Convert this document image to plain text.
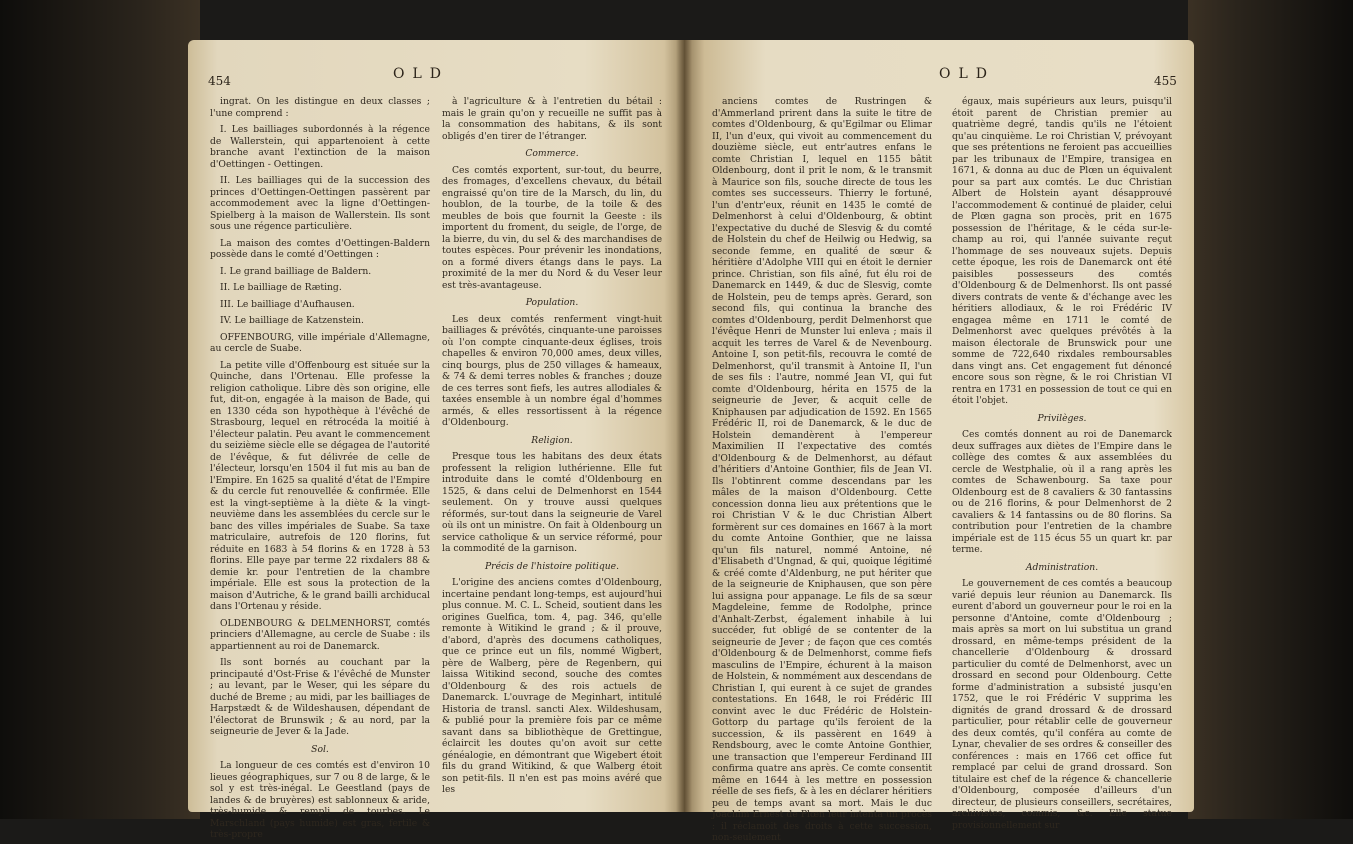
454	OLD

ingrat. On les distingue en deux classes ; l'une comprend :

I. Les bailliages subordonnés à la régence de Wallerstein, qui appartenoient à cette branche avant l'extinction de la maison d'Oettingen - Oettingen.

II. Les bailliages qui de la succession des princes d'Oettingen-Oettingen passèrent par accommodement avec la ligne d'Oettingen-Spielberg à la maison de Wallerstein. Ils sont sous une régence particulière.

La maison des comtes d'Oettingen-Baldern possède dans le comté d'Oettingen :

I. Le grand bailliage de Baldern.

II. Le bailliage de Ræting.

III. Le bailliage d'Aufhausen.

IV. Le bailliage de Katzenstein.

OFFENBOURG, ville impériale d'Allemagne, au cercle de Suabe.

La petite ville d'Offenbourg est située sur la Quinche, dans l'Ortenau. Elle professe la religion catholique. Libre dès son origine, elle fut, dit-on, engagée à la maison de Bade, qui en 1330 céda son hypothèque à l'évêché de Strasbourg, lequel en rétrocéda la moitié à l'électeur palatin. Peu avant le commencement du seizième siècle elle se dégagea de l'autorité de l'évêque, & fut délivrée de celle de l'électeur, lorsqu'en 1504 il fut mis au ban de l'Empire. En 1625 sa qualité d'état de l'Empire & du cercle fut renouvellée & confirmée. Elle est la vingt-septième à la diète & la vingt-neuvième dans les assemblées du cercle sur le banc des villes impériales de Suabe. Sa taxe matriculaire, autrefois de 120 florins, fut réduite en 1683 à 54 florins & en 1728 à 53 florins. Elle paye par terme 22 rixdalers 88 & demie kr. pour l'entretien de la chambre impériale. Elle est sous la protection de la maison d'Autriche, & le grand bailli archiducal dans l'Ortenau y réside.

OLDENBOURG & DELMENHORST, comtés princiers d'Allemagne, au cercle de Suabe : ils appartiennent au roi de Danemarck.

Ils sont bornés au couchant par la principauté d'Ost-Frise & l'évêché de Munster ; au levant, par le Weser, qui les sépare du duché de Breme ; au midi, par les bailliages de Harpstædt & de Wildeshausen, dépendant de l'électorat de Brunswik ; & au nord, par la seigneurie de Jever & la Jade.

Sol.

La longueur de ces comtés est d'environ 10 lieues géographiques, sur 7 ou 8 de large, & le sol y est très-inégal. Le Geestland (pays de landes & de bruyères) est sablonneux & aride, très-humide & rempli de tourbes. Le Marschland (pays humide) est gras, fertile & très-propre

à l'agriculture & à l'entretien du bétail : mais le grain qu'on y recueille ne suffit pas à la consommation des habitans, & ils sont obligés d'en tirer de l'étranger.

Commerce.

Ces comtés exportent, sur-tout, du beurre, des fromages, d'excellens chevaux, du bétail engraissé qu'on tire de la Marsch, du lin, du houblon, de la tourbe, de la toile & des meubles de bois que fournit la Geeste : ils importent du froment, du seigle, de l'orge, de la bierre, du vin, du sel & des marchandises de toutes espèces. Pour prévenir les inondations, on a formé divers étangs dans le pays. La proximité de la mer du Nord & du Veser leur est très-avantageuse.

Population.

Les deux comtés renferment vingt-huit bailliages & prévôtés, cinquante-une paroisses où l'on compte cinquante-deux églises, trois chapelles & environ 70,000 ames, deux villes, cinq bourgs, plus de 250 villages & hameaux, & 74 & demi terres nobles & franches ; douze de ces terres sont fiefs, les autres allodiales & taxées ensemble à un nombre égal d'hommes armés, & elles ressortissent à la régence d'Oldenbourg.

Religion.

Presque tous les habitans des deux états professent la religion luthérienne. Elle fut introduite dans le comté d'Oldenbourg en 1525, & dans celui de Delmenhorst en 1544 seulement. On y trouve aussi quelques réformés, sur-tout dans la seigneurie de Varel où ils ont un ministre. On fait à Oldenbourg un service catholique & un service réformé, pour la commodité de la garnison.

Précis de l'histoire politique.

L'origine des anciens comtes d'Oldenbourg, incertaine pendant long-temps, est aujourd'hui plus connue. M. C. L. Scheid, soutient dans les origines Guelfica, tom. 4, pag. 346, qu'elle remonte à Witikind le grand ; & il prouve, d'abord, d'après des documens catholiques, que ce prince eut un fils, nommé Wigbert, père de Walberg, père de Regenbern, qui laissa Witikind second, souche des comtes d'Oldenbourg & des rois actuels de Danemarck. L'ouvrage de Meginhart, intitulé Historia de transl. sancti Alex. Wildeshusam, & publié pour la première fois par ce même savant dans sa bibliothèque de Grettingue, éclaircit les doutes qu'on avoit sur cette généalogie, en démontrant que Wigebert étoit fils du grand Witikind, & que Walberg étoit son petit-fils. Il n'en est pas moins avéré que les

OLD	455

anciens comtes de Rustringen & d'Ammerland prirent dans la suite le titre de comtes d'Oldenbourg, & qu'Egilmar ou Elimar II, l'un d'eux, qui vivoit au commencement du douzième siècle, eut entr'autres enfans le comte Christian I, lequel en 1155 bâtit Oldenbourg, dont il prit le nom, & le transmit à Maurice son fils, souche directe de tous les comtes ses successeurs. Thierry le fortuné, l'un d'entr'eux, réunit en 1435 le comté de Delmenhorst à celui d'Oldenbourg, & obtint l'expectative du duché de Slesvig & du comté de Holstein du chef de Heilwig ou Hedwig, sa seconde femme, en qualité de sœur & héritière d'Adolphe VIII qui en étoit le dernier prince. Christian, son fils aîné, fut élu roi de Danemarck en 1449, & duc de Slesvig, comte de Holstein, peu de temps après. Gerard, son second fils, qui continua la branche des comtes d'Oldenbourg, perdit Delmenhorst que l'évêque Henri de Munster lui enleva ; mais il acquit les terres de Varel & de Nevenbourg. Antoine I, son petit-fils, recouvra le comté de Delmenhorst, qu'il transmit à Antoine II, l'un de ses fils : l'autre, nommé Jean VI, qui fut comte d'Oldenbourg, hérita en 1575 de la seigneurie de Jever, & acquit celle de Kniphausen par adjudication de 1592. En 1565 Frédéric II, roi de Danemarck, & le duc de Holstein demandèrent à l'empereur Maximilien II l'expectative des comtés d'Oldenbourg & de Delmenhorst, au défaut d'héritiers d'Antoine Gonthier, fils de Jean VI. Ils l'obtinrent comme descendans par les mâles de la maison d'Oldenbourg. Cette concession donna lieu aux prétentions que le roi Christian V & le duc Christian Albert formèrent sur ces domaines en 1667 à la mort du comte Antoine Gonthier, que ne laissa qu'un fils naturel, nommé Antoine, né d'Elisabeth d'Ungnad, & qui, quoique légitimé & créé comte d'Aldenburg, ne put hériter que de la seigneurie de Kniphausen, que son père lui assigna pour appanage. Le fils de sa sœur Magdeleine, femme de Rodolphe, prince d'Anhalt-Zerbst, également inhabile à lui succéder, fut obligé de se contenter de la seigneurie de Jever ; de façon que ces comtés d'Oldenbourg & de Delmenhorst, comme fiefs masculins de l'Empire, échurent à la maison de Holstein, & nommément aux descendans de Christian I, qui eurent à ce sujet de grandes contestations. En 1648, le roi Frédéric III convint avec le duc Frédéric de Holstein-Gottorp du partage qu'ils feroient de la succession, & ils passèrent en 1649 à Rendsbourg, avec le comte Antoine Gonthier, une transaction que l'empereur Ferdinand III confirma quatre ans après. Ce comte consentit même en 1644 à les mettre en possession réelle de ses fiefs, & à les en déclarer héritiers peu de temps avant sa mort. Mais le duc Joachim Ernest de Plœn leur intenta un procès : il réclamoit des droits à cette succession, non-seulement

égaux, mais supérieurs aux leurs, puisqu'il étoit parent de Christian premier au quatrième degré, tandis qu'ils ne l'étoient qu'au cinquième. Le roi Christian V, prévoyant que ses prétentions ne feroient pas accueillies par les tribunaux de l'Empire, transigea en 1671, & donna au duc de Plœn un équivalent pour sa part aux comtés. Le duc Christian Albert de Holstein ayant désapprouvé l'accommodement & continué de plaider, celui de Plœn gagna son procès, prit en 1675 possession de l'héritage, & le céda sur-le-champ au roi, qui l'année suivante reçut l'hommage de ses nouveaux sujets. Depuis cette époque, les rois de Danemarck ont été paisibles possesseurs des comtés d'Oldenbourg & de Delmenhorst. Ils ont passé divers contrats de vente & d'échange avec les héritiers allodiaux, & le roi Frédéric IV engagea même en 1711 le comté de Delmenhorst avec quelques prévôtés à la maison électorale de Brunswick pour une somme de 722,640 rixdales remboursables dans vingt ans. Cet engagement fut dénoncé encore sous son règne, & le roi Christian VI rentra en 1731 en possession de tout ce qui en étoit l'objet.

Privilèges.

Ces comtés donnent au roi de Danemarck deux suffrages aux diètes de l'Empire dans le collège des comtes & aux assemblées du cercle de Westphalie, où il a rang après les comtes de Schawenbourg. Sa taxe pour Oldenbourg est de 8 cavaliers & 30 fantassins ou de 216 florins, & pour Delmenhorst de 2 cavaliers & 14 fantassins ou de 80 florins. Sa contribution pour l'entretien de la chambre impériale est de 115 écus 55 un quart kr. par terme.

Administration.

Le gouvernement de ces comtés a beaucoup varié depuis leur réunion au Danemarck. Ils eurent d'abord un gouverneur pour le roi en la personne d'Antoine, comte d'Oldenbourg ; mais après sa mort on lui substitua un grand drossard, en même-temps président de la chancellerie d'Oldenbourg & drossard particulier du comté de Delmenhorst, avec un drossard en second pour Oldenbourg. Cette forme d'administration a subsisté jusqu'en 1752, que le roi Frédéric V supprima les dignités de grand drossard & de drossard particulier, pour rétablir celle de gouverneur des deux comtés, qu'il conféra au comte de Lynar, chevalier de ses ordres & conseiller des conférences : mais en 1766 cet office fut remplacé par celui de grand drossard. Son titulaire est chef de la régence & chancellerie d'Oldenbourg, composée d'ailleurs d'un directeur, de plusieurs conseillers, secrétaires, archivistes, commis, &c. Elle statue provisionnellement sur
